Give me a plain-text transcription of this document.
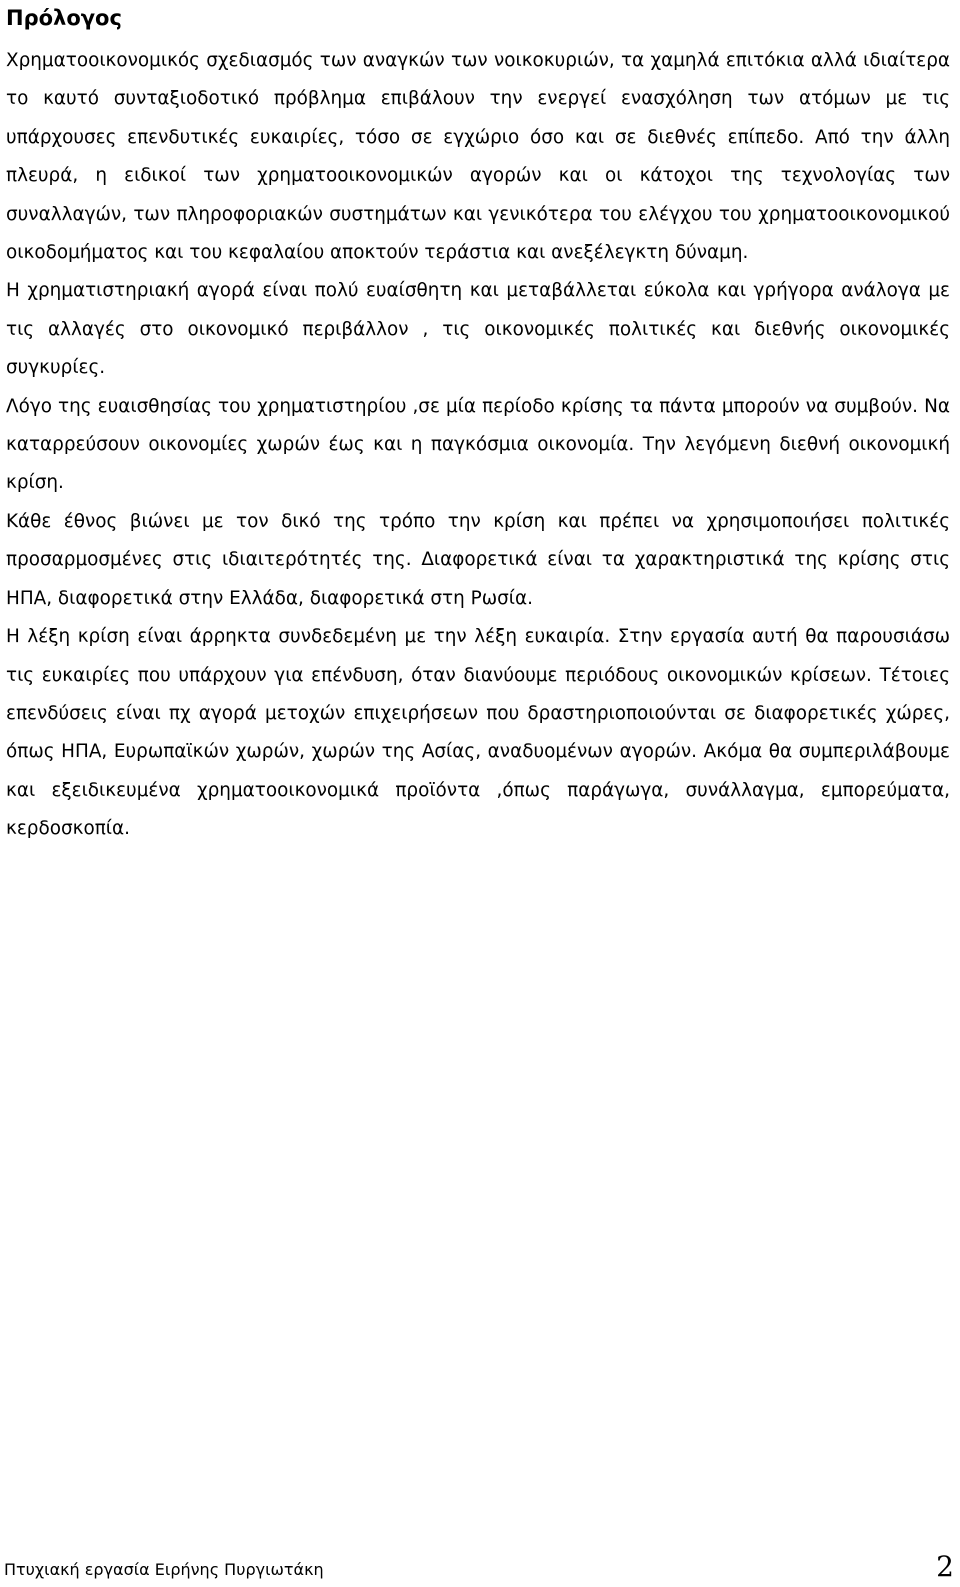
Πρόλογος

Χρηματοοικονομικός σχεδιασμός των αναγκών των νοικοκυριών, τα χαμηλά επιτόκια αλλά ιδιαίτερα το καυτό συνταξιοδοτικό πρόβλημα επιβάλουν την ενεργεί ενασχόληση των ατόμων με τις υπάρχουσες επενδυτικές ευκαιρίες, τόσο σε εγχώριο όσο και σε διεθνές επίπεδο. Από την άλλη πλευρά, η ειδικοί των χρηματοοικονομικών αγορών και οι κάτοχοι της τεχνολογίας των συναλλαγών, των πληροφοριακών συστημάτων και γενικότερα του ελέγχου του χρηματοοικονομικού οικοδομήματος και του κεφαλαίου αποκτούν τεράστια και ανεξέλεγκτη δύναμη.

Η χρηματιστηριακή αγορά είναι πολύ ευαίσθητη και μεταβάλλεται εύκολα και γρήγορα ανάλογα με τις αλλαγές στο οικονομικό περιβάλλον , τις οικονομικές πολιτικές και διεθνής οικονομικές συγκυρίες.

Λόγο της ευαισθησίας του χρηματιστηρίου ,σε μία περίοδο κρίσης τα πάντα μπορούν να συμβούν. Να καταρρεύσουν οικονομίες χωρών έως και η παγκόσμια οικονομία. Την λεγόμενη διεθνή οικονομική κρίση.

Κάθε έθνος βιώνει με τον δικό της τρόπο την κρίση και πρέπει να χρησιμοποιήσει πολιτικές προσαρμοσμένες στις ιδιαιτερότητές της. Διαφορετικά είναι τα χαρακτηριστικά της κρίσης στις ΗΠΑ, διαφορετικά στην Ελλάδα, διαφορετικά στη Ρωσία.

Η λέξη κρίση είναι άρρηκτα συνδεδεμένη με την λέξη ευκαιρία. Στην εργασία αυτή θα παρουσιάσω τις ευκαιρίες που υπάρχουν για επένδυση, όταν διανύουμε περιόδους οικονομικών κρίσεων. Τέτοιες επενδύσεις είναι πχ αγορά μετοχών επιχειρήσεων που δραστηριοποιούνται σε διαφορετικές χώρες, όπως ΗΠΑ, Ευρωπαϊκών χωρών, χωρών της Ασίας, αναδυομένων αγορών. Ακόμα θα συμπεριλάβουμε και εξειδικευμένα χρηματοοικονομικά προϊόντα ,όπως παράγωγα, συνάλλαγμα, εμπορεύματα, κερδοσκοπία.

Πτυχιακή εργασία Ειρήνης Πυργιωτάκη	2
